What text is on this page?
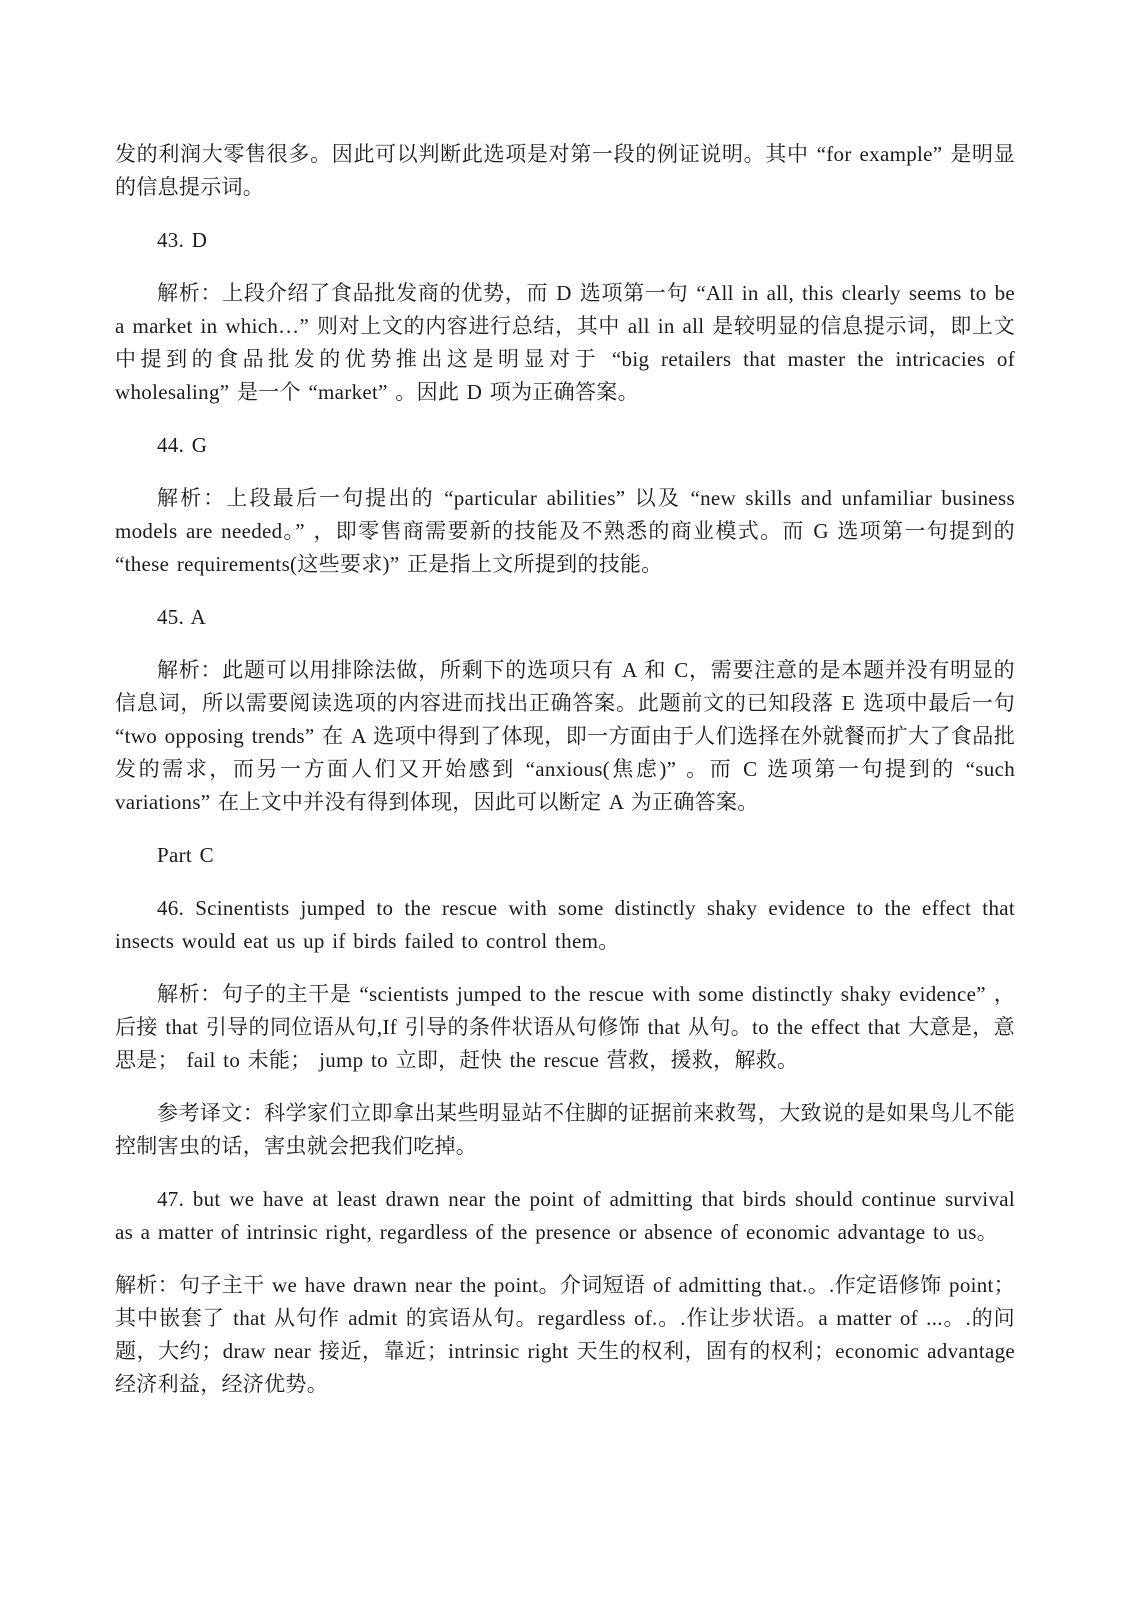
发的利润大零售很多。因此可以判断此选项是对第一段的例证说明。其中 “for example” 是明显的信息提示词。

43. D

解析：上段介绍了食品批发商的优势，而 D 选项第一句 “All in all, this clearly seems to be a market in which…” 则对上文的内容进行总结，其中 all in all 是较明显的信息提示词，即上文中提到的食品批发的优势推出这是明显对于 “big retailers that master the intricacies of wholesaling” 是一个 “market” 。因此 D 项为正确答案。

44. G

解析：上段最后一句提出的 “particular abilities” 以及 “new skills and unfamiliar business models are needed。” ，即零售商需要新的技能及不熟悉的商业模式。而 G 选项第一句提到的 “these requirements(这些要求)” 正是指上文所提到的技能。

45. A

解析：此题可以用排除法做，所剩下的选项只有 A 和 C，需要注意的是本题并没有明显的信息词，所以需要阅读选项的内容进而找出正确答案。此题前文的已知段落 E 选项中最后一句 “two opposing trends” 在 A 选项中得到了体现，即一方面由于人们选择在外就餐而扩大了食品批发的需求，而另一方面人们又开始感到 “anxious(焦虑)” 。而 C 选项第一句提到的 “such variations” 在上文中并没有得到体现，因此可以断定 A 为正确答案。

Part C

46. Scinentists jumped to the rescue with some distinctly shaky evidence to the effect that insects would eat us up if birds failed to control them。

解析：句子的主干是 “scientists jumped to the rescue with some distinctly shaky evidence” ，后接 that 引导的同位语从句,If 引导的条件状语从句修饰 that 从句。to the effect that 大意是，意思是； fail to 未能； jump to 立即，赶快 the rescue 营救，援救，解救。

参考译文：科学家们立即拿出某些明显站不住脚的证据前来救驾，大致说的是如果鸟儿不能控制害虫的话，害虫就会把我们吃掉。

47. but we have at least drawn near the point of admitting that birds should continue survival as a matter of intrinsic right, regardless of the presence or absence of economic advantage to us。

解析：句子主干 we have drawn near the point。介词短语 of admitting that.。.作定语修饰 point；其中嵌套了 that 从句作 admit 的宾语从句。regardless of.。.作让步状语。a matter of ...。.的问题，大约；draw near 接近，靠近；intrinsic right 天生的权利，固有的权利；economic advantage 经济利益，经济优势。
